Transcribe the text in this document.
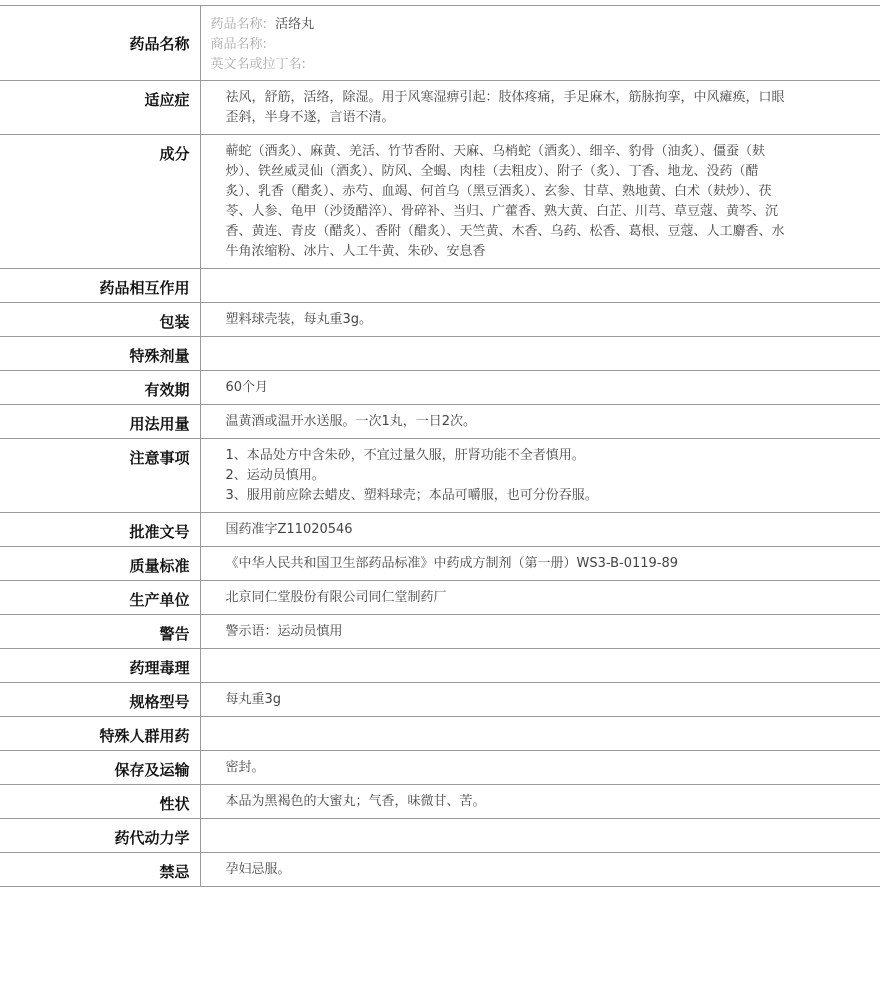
药品名称	药品名称: 活络丸
商品名称:
英文名或拉丁名:

适应症	祛风，舒筋，活络，除湿。用于风寒湿痹引起：肢体疼痛，手足麻木，筋脉拘挛，中风瘫痪，口眼歪斜，半身不遂，言语不清。
成分	蕲蛇（酒炙）、麻黄、羌活、竹节香附、天麻、乌梢蛇（酒炙）、细辛、豹骨（油炙）、僵蚕（麸炒）、铁丝威灵仙（酒炙）、防风、全蝎、肉桂（去粗皮）、附子（炙）、丁香、地龙、没药（醋炙）、乳香（醋炙）、赤芍、血竭、何首乌（黑豆酒炙）、玄参、甘草、熟地黄、白术（麸炒）、茯苓、人参、龟甲（沙烫醋淬）、骨碎补、当归、广藿香、熟大黄、白芷、川芎、草豆蔻、黄芩、沉香、黄连、青皮（醋炙）、香附（醋炙）、天竺黄、木香、乌药、松香、葛根、豆蔻、人工麝香、水牛角浓缩粉、冰片、人工牛黄、朱砂、安息香
药品相互作用	
包装	塑料球壳装，每丸重3g。
特殊剂量	
有效期	60个月
用法用量	温黄酒或温开水送服。一次1丸，一日2次。
注意事项	1、本品处方中含朱砂，不宜过量久服，肝肾功能不全者慎用。
2、运动员慎用。
3、服用前应除去蜡皮、塑料球壳；本品可嚼服，也可分份吞服。

批准文号	国药准字Z11020546
质量标准	《中华人民共和国卫生部药品标准》中药成方制剂（第一册）WS3-B-0119-89
生产单位	北京同仁堂股份有限公司同仁堂制药厂
警告	警示语：运动员慎用
药理毒理	
规格型号	每丸重3g
特殊人群用药	
保存及运输	密封。
性状	本品为黑褐色的大蜜丸；气香，味微甘、苦。
药代动力学	
禁忌	孕妇忌服。
